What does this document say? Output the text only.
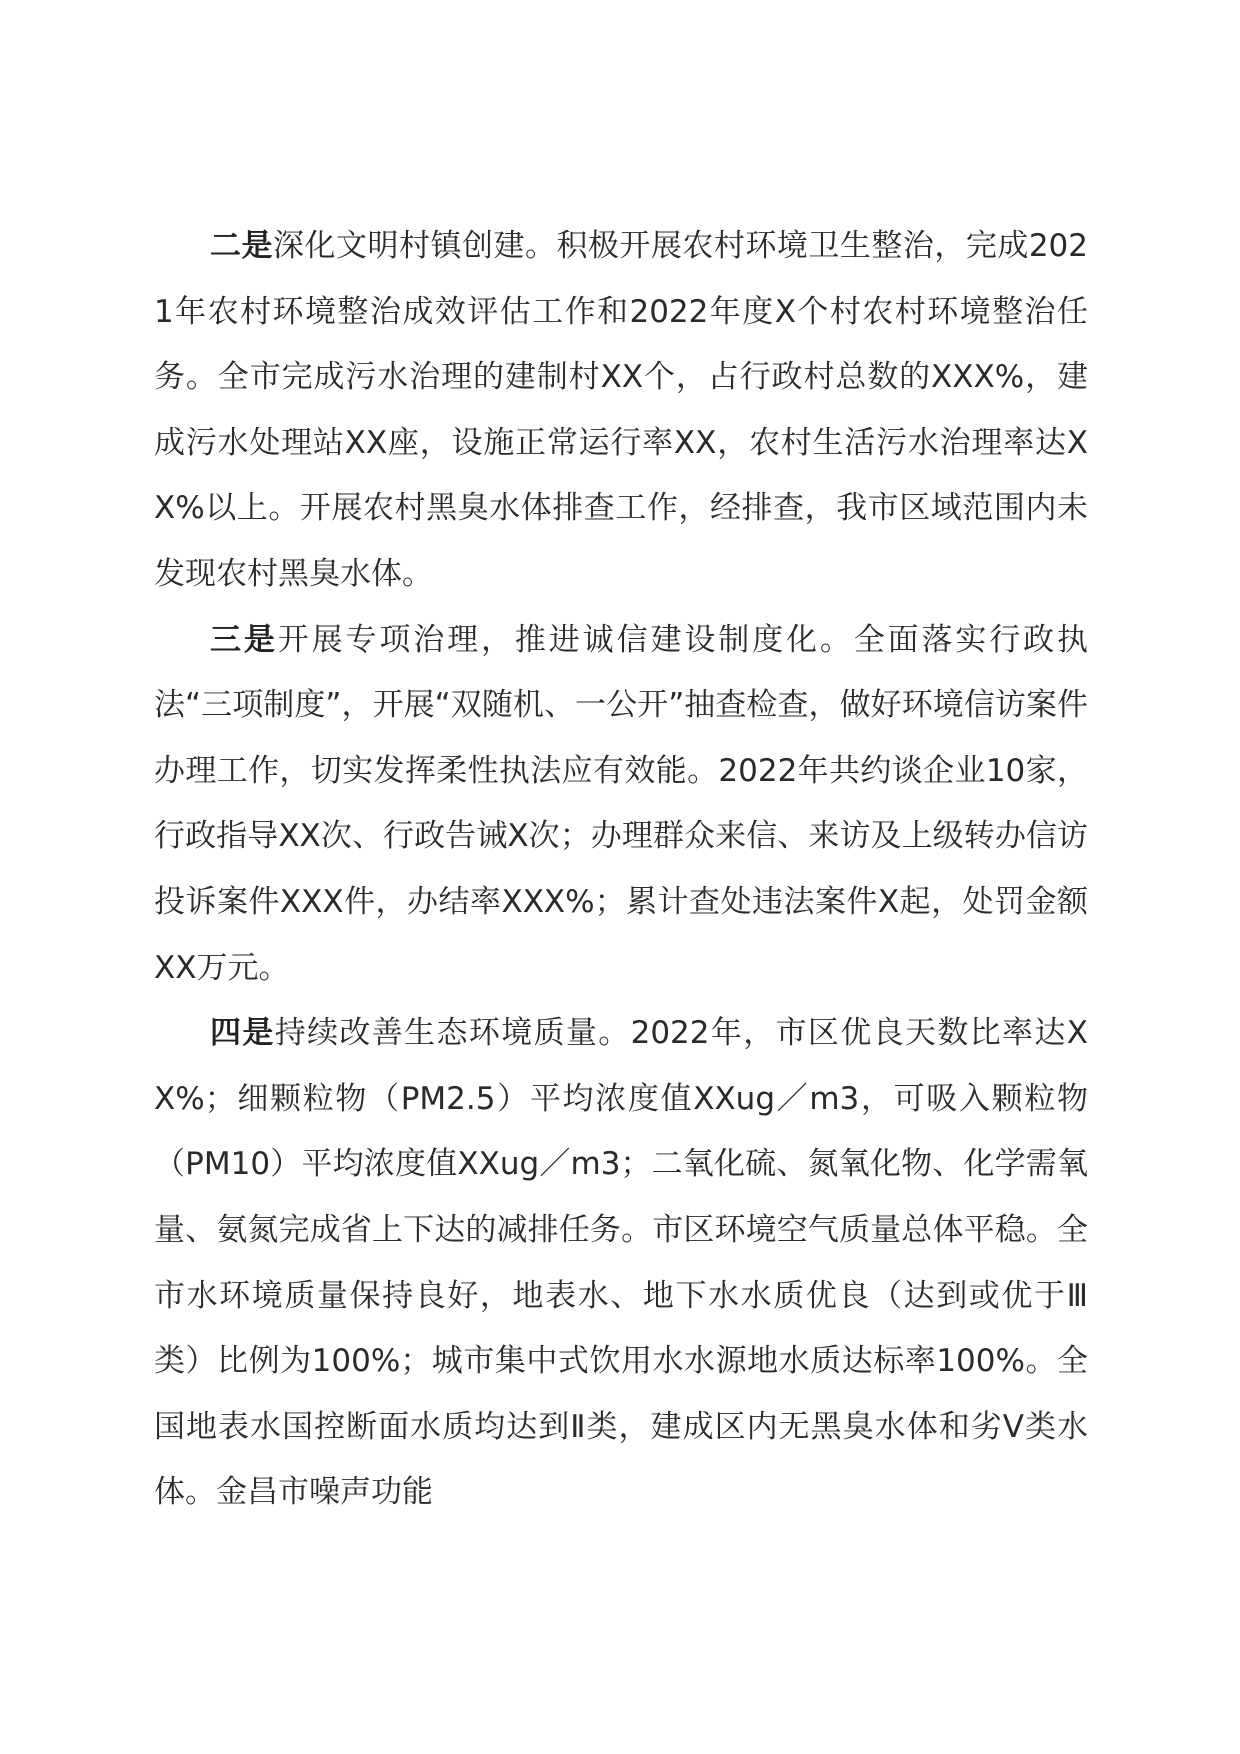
二是深化文明村镇创建。积极开展农村环境卫生整治，完成2021年农村环境整治成效评估工作和2022年度X个村农村环境整治任务。全市完成污水治理的建制村XX个，占行政村总数的XXX%，建成污水处理站XX座，设施正常运行率XX，农村生活污水治理率达XX%以上。开展农村黑臭水体排查工作，经排查，我市区域范围内未发现农村黑臭水体。

三是开展专项治理，推进诚信建设制度化。全面落实行政执法“三项制度”，开展“双随机、一公开”抽查检查，做好环境信访案件办理工作，切实发挥柔性执法应有效能。2022年共约谈企业10家，行政指导XX次、行政告诫X次；办理群众来信、来访及上级转办信访投诉案件XXX件，办结率XXX%；累计查处违法案件X起，处罚金额XX万元。

四是持续改善生态环境质量。2022年，市区优良天数比率达XX%；细颗粒物（PM2.5）平均浓度值XXug／m3，可吸入颗粒物（PM10）平均浓度值XXug／m3；二氧化硫、氮氧化物、化学需氧量、氨氮完成省上下达的减排任务。市区环境空气质量总体平稳。全市水环境质量保持良好，地表水、地下水水质优良（达到或优于Ⅲ类）比例为100%；城市集中式饮用水水源地水质达标率100%。全国地表水国控断面水质均达到Ⅱ类，建成区内无黑臭水体和劣Ⅴ类水体。金昌市噪声功能
